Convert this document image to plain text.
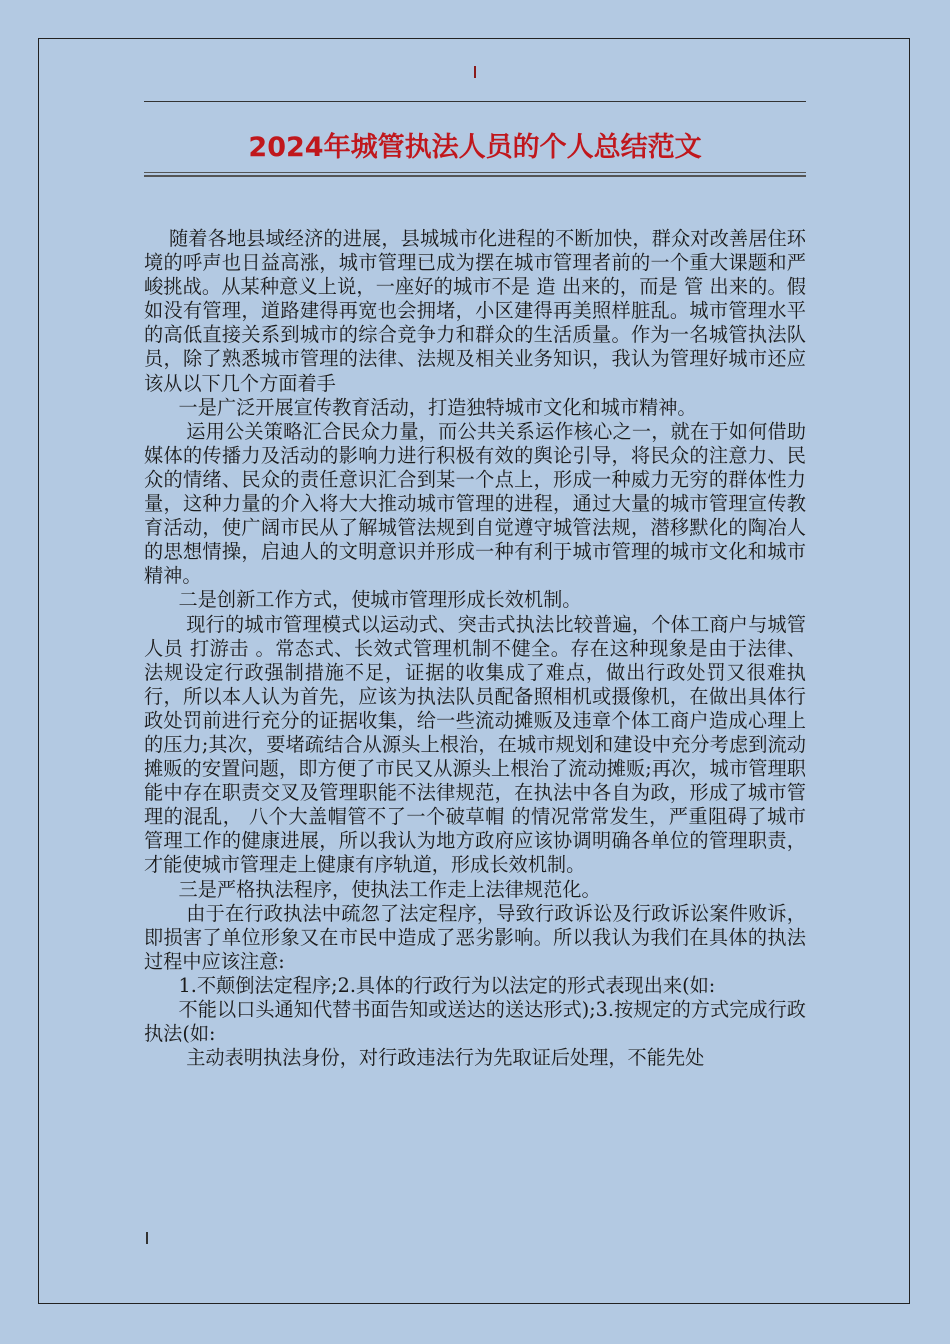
2024年城管执法人员的个人总结范文

随着各地县域经济的进展，县城城市化进程的不断加快，群众对改善居住环境的呼声也日益高涨，城市管理已成为摆在城市管理者前的一个重大课题和严峻挑战。从某种意义上说，一座好的城市不是 造 出来的，而是 管 出来的。假如没有管理，道路建得再宽也会拥堵，小区建得再美照样脏乱。城市管理水平的高低直接关系到城市的综合竞争力和群众的生活质量。作为一名城管执法队员，除了熟悉城市管理的法律、法规及相关业务知识，我认为管理好城市还应该从以下几个方面着手

一是广泛开展宣传教育活动，打造独特城市文化和城市精神。

运用公关策略汇合民众力量，而公共关系运作核心之一，就在于如何借助媒体的传播力及活动的影响力进行积极有效的舆论引导，将民众的注意力、民众的情绪、民众的责任意识汇合到某一个点上，形成一种威力无穷的群体性力量，这种力量的介入将大大推动城市管理的进程，通过大量的城市管理宣传教育活动，使广阔市民从了解城管法规到自觉遵守城管法规，潜移默化的陶冶人的思想情操，启迪人的文明意识并形成一种有利于城市管理的城市文化和城市精神。

二是创新工作方式，使城市管理形成长效机制。

现行的城市管理模式以运动式、突击式执法比较普遍，个体工商户与城管人员 打游击 。常态式、长效式管理机制不健全。存在这种现象是由于法律、法规设定行政强制措施不足，证据的收集成了难点，做出行政处罚又很难执行，所以本人认为首先，应该为执法队员配备照相机或摄像机，在做出具体行政处罚前进行充分的证据收集，给一些流动摊贩及违章个体工商户造成心理上的压力;其次，要堵疏结合从源头上根治，在城市规划和建设中充分考虑到流动摊贩的安置问题，即方便了市民又从源头上根治了流动摊贩;再次，城市管理职能中存在职责交叉及管理职能不法律规范，在执法中各自为政，形成了城市管理的混乱， 八个大盖帽管不了一个破草帽 的情况常常发生，严重阻碍了城市管理工作的健康进展，所以我认为地方政府应该协调明确各单位的管理职责，才能使城市管理走上健康有序轨道，形成长效机制。

三是严格执法程序，使执法工作走上法律规范化。

由于在行政执法中疏忽了法定程序，导致行政诉讼及行政诉讼案件败诉，即损害了单位形象又在市民中造成了恶劣影响。所以我认为我们在具体的执法过程中应该注意:

1.不颠倒法定程序;2.具体的行政行为以法定的形式表现出来(如:

不能以口头通知代替书面告知或送达的送达形式);3.按规定的方式完成行政执法(如:

主动表明执法身份，对行政违法行为先取证后处理，不能先处
